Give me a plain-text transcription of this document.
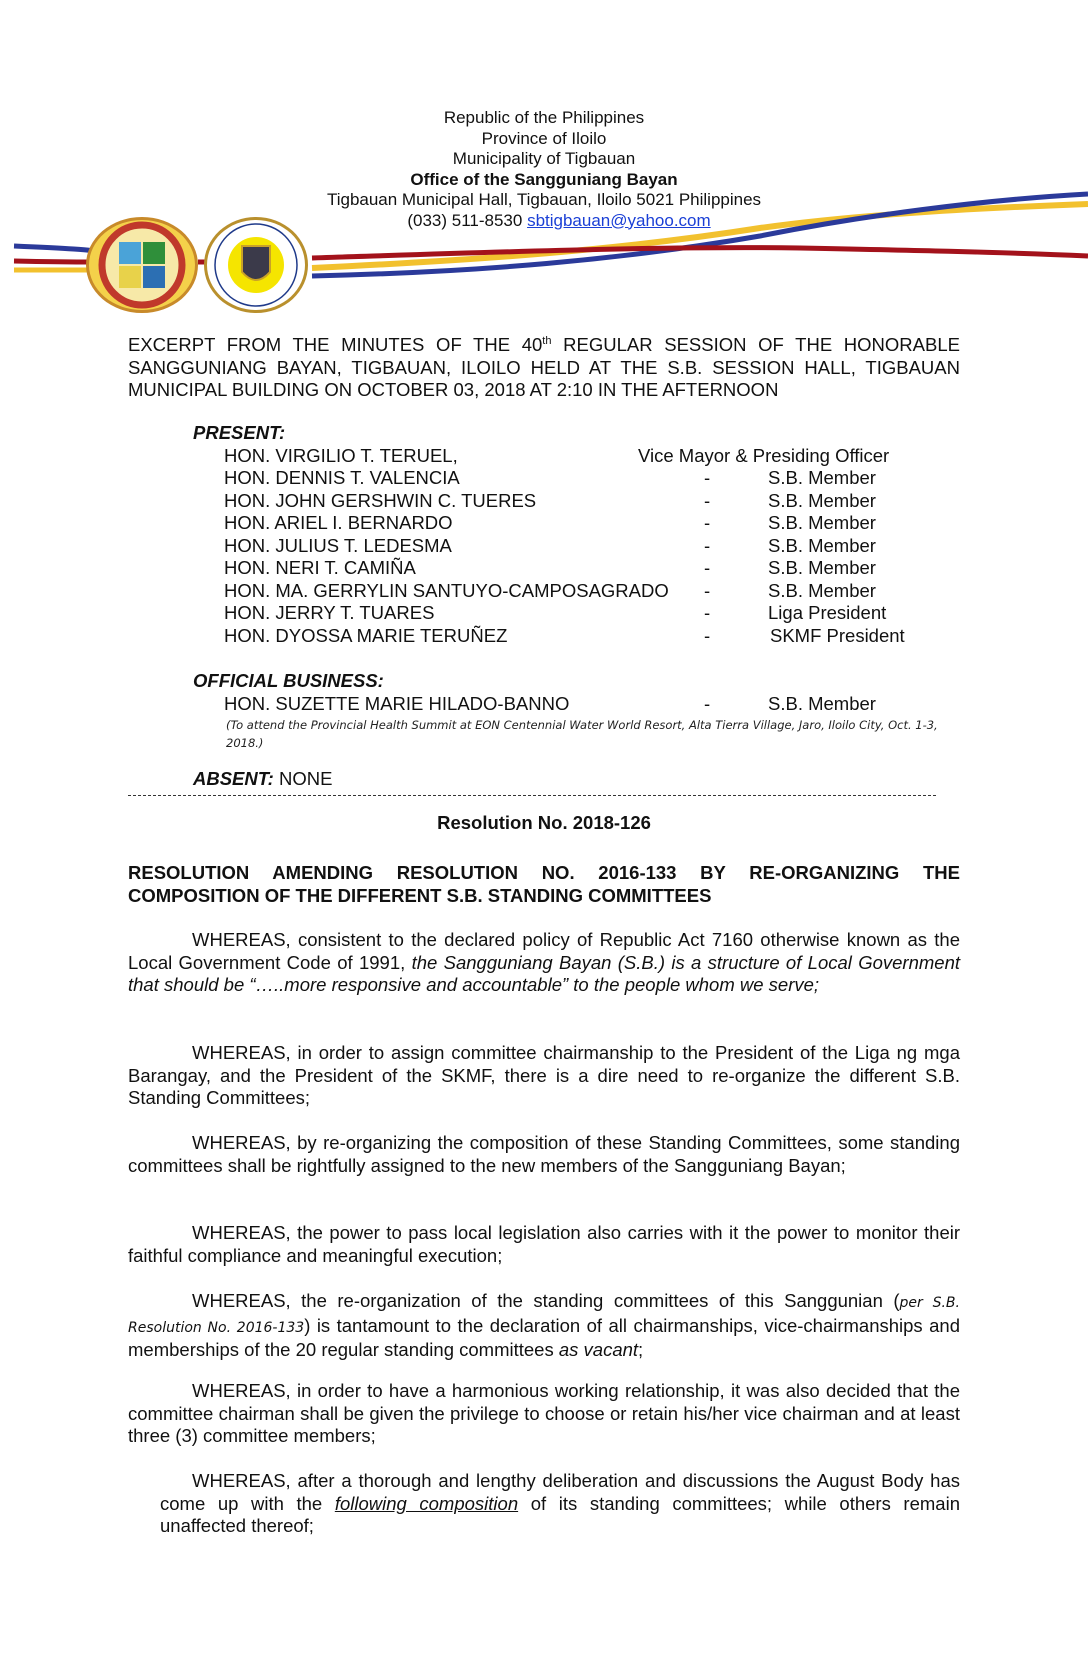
Republic of the Philippines
Province of Iloilo
Municipality of Tigbauan
Office of the Sangguniang Bayan
Tigbauan Municipal Hall, Tigbauan, Iloilo 5021 Philippines
(033) 511-8530 sbtigbauan@yahoo.com
EXCERPT FROM THE MINUTES OF THE 40th REGULAR SESSION OF THE HONORABLE SANGGUNIANG BAYAN, TIGBAUAN, ILOILO HELD AT THE S.B. SESSION HALL, TIGBAUAN MUNICIPAL BUILDING ON OCTOBER 03, 2018 AT 2:10 IN THE AFTERNOON
PRESENT:
HON. VIRGILIO T. TERUEL,	Vice Mayor & Presiding Officer
HON. DENNIS T. VALENCIA	-	S.B. Member
HON. JOHN GERSHWIN C. TUERES	-	S.B. Member
HON. ARIEL I. BERNARDO	-	S.B. Member
HON. JULIUS T. LEDESMA	-	S.B. Member
HON. NERI T. CAMIÑA	-	S.B. Member
HON. MA. GERRYLIN SANTUYO-CAMPOSAGRADO -	S.B. Member
HON. JERRY T. TUARES	-	Liga President
HON. DYOSSA MARIE TERUÑEZ	-	SKMF President
OFFICIAL BUSINESS:
HON. SUZETTE MARIE HILADO-BANNO	-	S.B. Member
(To attend the Provincial Health Summit at EON Centennial Water World Resort, Alta Tierra Village, Jaro, Iloilo City, Oct. 1-3, 2018.)
ABSENT: NONE
Resolution No. 2018-126
RESOLUTION AMENDING RESOLUTION NO. 2016-133 BY RE-ORGANIZING THE COMPOSITION OF THE DIFFERENT S.B. STANDING COMMITTEES
WHEREAS, consistent to the declared policy of Republic Act 7160 otherwise known as the Local Government Code of 1991, the Sangguniang Bayan (S.B.) is a structure of Local Government that should be “…..more responsive and accountable” to the people whom we serve;
WHEREAS, in order to assign committee chairmanship to the President of the Liga ng mga Barangay, and the President of the SKMF, there is a dire need to re-organize the different S.B. Standing Committees;
WHEREAS, by re-organizing the composition of these Standing Committees, some standing committees shall be rightfully assigned to the new members of the Sangguniang Bayan;
WHEREAS, the power to pass local legislation also carries with it the power to monitor their faithful compliance and meaningful execution;
WHEREAS, the re-organization of the standing committees of this Sanggunian (per S.B. Resolution No. 2016-133) is tantamount to the declaration of all chairmanships, vice-chairmanships and memberships of the 20 regular standing committees as vacant;
WHEREAS, in order to have a harmonious working relationship, it was also decided that the committee chairman shall be given the privilege to choose or retain his/her vice chairman and at least three (3) committee members;
WHEREAS, after a thorough and lengthy deliberation and discussions the August Body has come up with the following composition of its standing committees; while others remain unaffected thereof;
